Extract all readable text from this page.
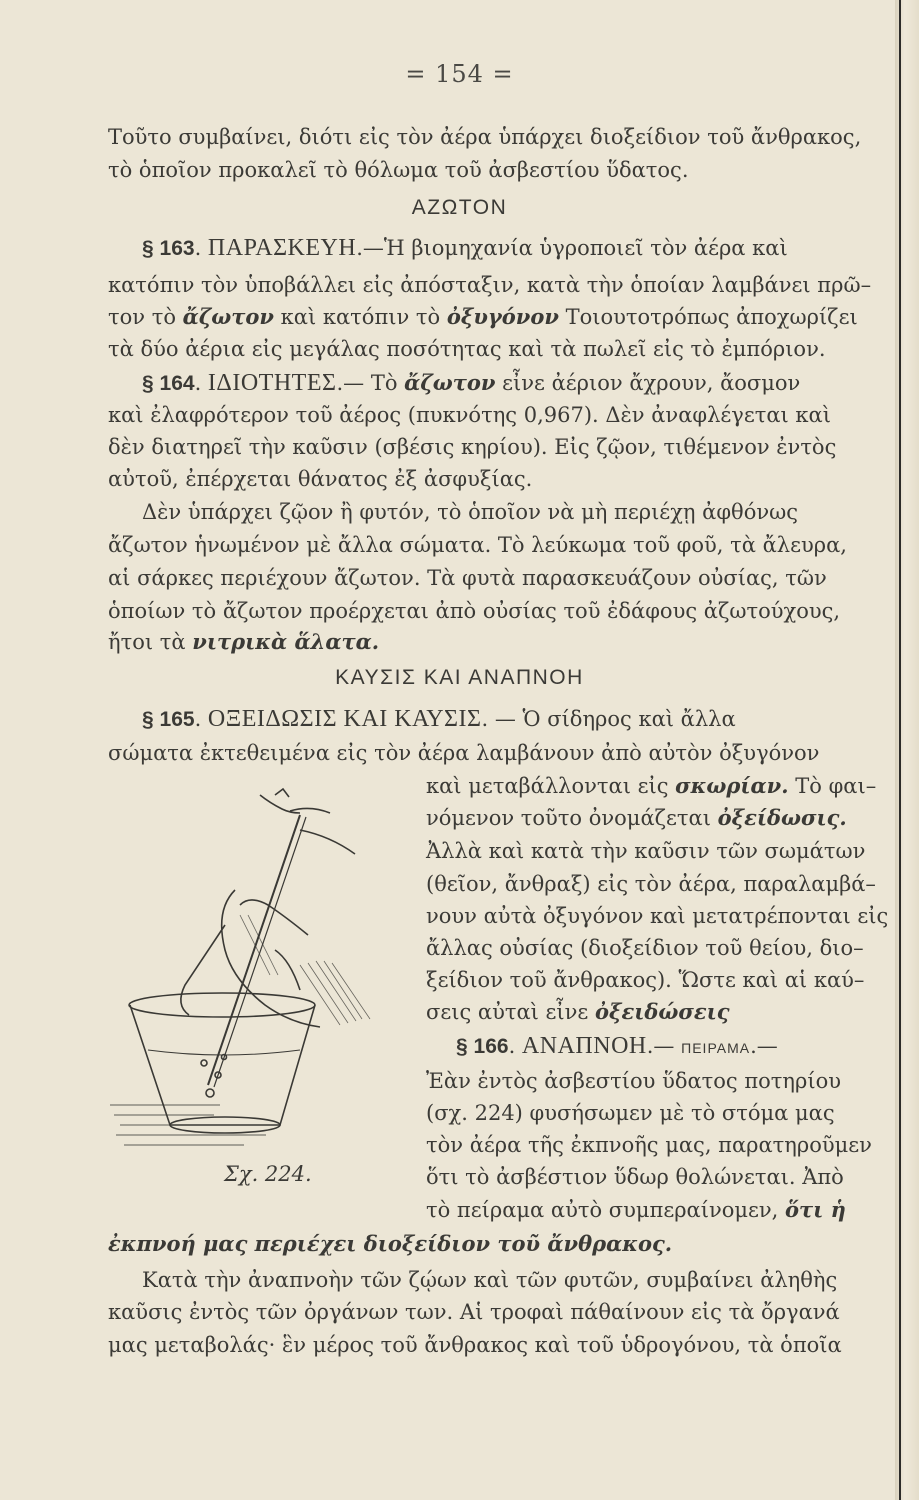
= 154 =
Τοῦτο συμβαίνει, διότι εἰς τὸν ἀέρα ὑπάρχει διοξείδιον τοῦ ἄνθρακος,
τὸ ὁποῖον προκαλεῖ τὸ θόλωμα τοῦ ἀσβεστίου ὕδατος.
ΑΖΩΤΟΝ
§ 163. ΠΑΡΑΣΚΕΥΗ.—Ἡ βιομηχανία ὑγροποιεῖ τὸν ἀέρα καὶ
κατόπιν τὸν ὑποβάλλει εἰς ἀπόσταξιν, κατὰ τὴν ὁποίαν λαμβάνει πρῶ–
τον τὸ ἄζωτον καὶ κατόπιν τὸ ὀξυγόνον Τοιουτοτρόπως ἀποχωρίζει
τὰ δύο ἀέρια εἰς μεγάλας ποσότητας καὶ τὰ πωλεῖ εἰς τὸ ἐμπόριον.
§ 164. ΙΔΙΟΤΗΤΕΣ.— Τὸ ἄζωτον εἶνε ἀέριον ἄχρουν, ἄοσμον
καὶ ἐλαφρότερον τοῦ ἀέρος (πυκνότης 0,967). Δὲν ἀναφλέγεται καὶ
δὲν διατηρεῖ τὴν καῦσιν (σβέσις κηρίου). Εἰς ζῷον, τιθέμενον ἐντὸς
αὐτοῦ, ἐπέρχεται θάνατος ἐξ ἀσφυξίας.
Δὲν ὑπάρχει ζῷον ἢ φυτόν, τὸ ὁποῖον νὰ μὴ περιέχῃ ἀφθόνως
ἄζωτον ἡνωμένον μὲ ἄλλα σώματα. Τὸ λεύκωμα τοῦ φοῦ, τὰ ἄλευρα,
αἱ σάρκες περιέχουν ἄζωτον. Τὰ φυτὰ παρασκευάζουν οὐσίας, τῶν
ὁποίων τὸ ἄζωτον προέρχεται ἀπὸ οὐσίας τοῦ ἐδάφους ἀζωτούχους,
ἤτοι τὰ νιτρικὰ ἅλατα.
ΚΑΥΣΙΣ ΚΑΙ ΑΝΑΠΝΟΗ
§ 165. ΟΞΕΙΔΩΣΙΣ ΚΑΙ ΚΑΥΣΙΣ. — Ὁ σίδηρος καὶ ἄλλα
σώματα ἐκτεθειμένα εἰς τὸν ἀέρα λαμβάνουν ἀπὸ αὐτὸν ὀξυγόνον
καὶ μεταβάλλονται εἰς σκωρίαν. Τὸ φαι–
νόμενον τοῦτο ὀνομάζεται ὀξείδωσις.
Ἀλλὰ καὶ κατὰ τὴν καῦσιν τῶν σωμάτων
(θεῖον, ἄνθραξ) εἰς τὸν ἀέρα, παραλαμβά–
νουν αὐτὰ ὀξυγόνον καὶ μετατρέπονται εἰς
ἄλλας οὐσίας (διοξείδιον τοῦ θείου, διο–
ξείδιον τοῦ ἄνθρακος). Ὥστε καὶ αἱ καύ–
σεις αὐταὶ εἶνε ὀξειδώσεις
§ 166. ΑΝΑΠΝΟΗ.— ΠΕΙΡΑΜΑ.—
Ἐὰν ἐντὸς ἀσβεστίου ὕδατος ποτηρίου
(σχ. 224) φυσήσωμεν μὲ τὸ στόμα μας
τὸν ἀέρα τῆς ἐκπνοῆς μας, παρατηροῦμεν
ὅτι τὸ ἀσβέστιον ὕδωρ θολώνεται. Ἀπὸ
τὸ πείραμα αὐτὸ συμπεραίνομεν, ὅτι ἡ
Σχ. 224.
ἐκπνοή μας περιέχει διοξείδιον τοῦ ἄνθρακος.
Κατὰ τὴν ἀναπνοὴν τῶν ζῴων καὶ τῶν φυτῶν, συμβαίνει ἀληθὴς
καῦσις ἐντὸς τῶν ὀργάνων των. Αἱ τροφαὶ πάθαίνουν εἰς τὰ ὄργανά
μας μεταβολάς· ἓν μέρος τοῦ ἄνθρακος καὶ τοῦ ὑδρογόνου, τὰ ὁποῖα
